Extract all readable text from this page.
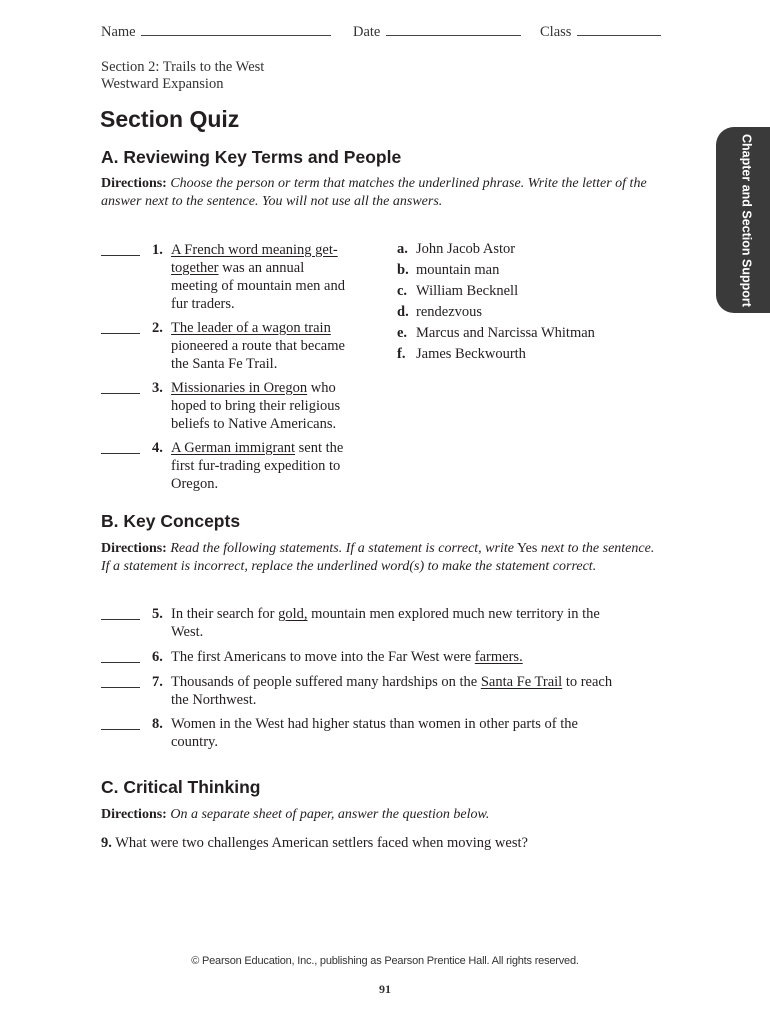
Name	Date	Class
Section 2: Trails to the West
Westward Expansion
Section Quiz
Chapter and Section Support
A. Reviewing Key Terms and People
Directions: Choose the person or term that matches the underlined phrase. Write the letter of the answer next to the sentence. You will not use all the answers.
1. A French word meaning get-
together was an annual
meeting of mountain men and
fur traders.
2. The leader of a wagon train
pioneered a route that became
the Santa Fe Trail.
3. Missionaries in Oregon who
hoped to bring their religious
beliefs to Native Americans.
4. A German immigrant sent the
first fur-trading expedition to
Oregon.
a. John Jacob Astor
b. mountain man
c. William Becknell
d. rendezvous
e. Marcus and Narcissa Whitman
f. James Beckwourth
B. Key Concepts
Directions: Read the following statements. If a statement is correct, write Yes next to the sentence. If a statement is incorrect, replace the underlined word(s) to make the statement correct.
5. In their search for gold, mountain men explored much new territory in the
West.
6. The first Americans to move into the Far West were farmers.
7. Thousands of people suffered many hardships on the Santa Fe Trail to reach
the Northwest.
8. Women in the West had higher status than women in other parts of the
country.
C. Critical Thinking
Directions: On a separate sheet of paper, answer the question below.
9. What were two challenges American settlers faced when moving west?
© Pearson Education, Inc., publishing as Pearson Prentice Hall. All rights reserved.
91
